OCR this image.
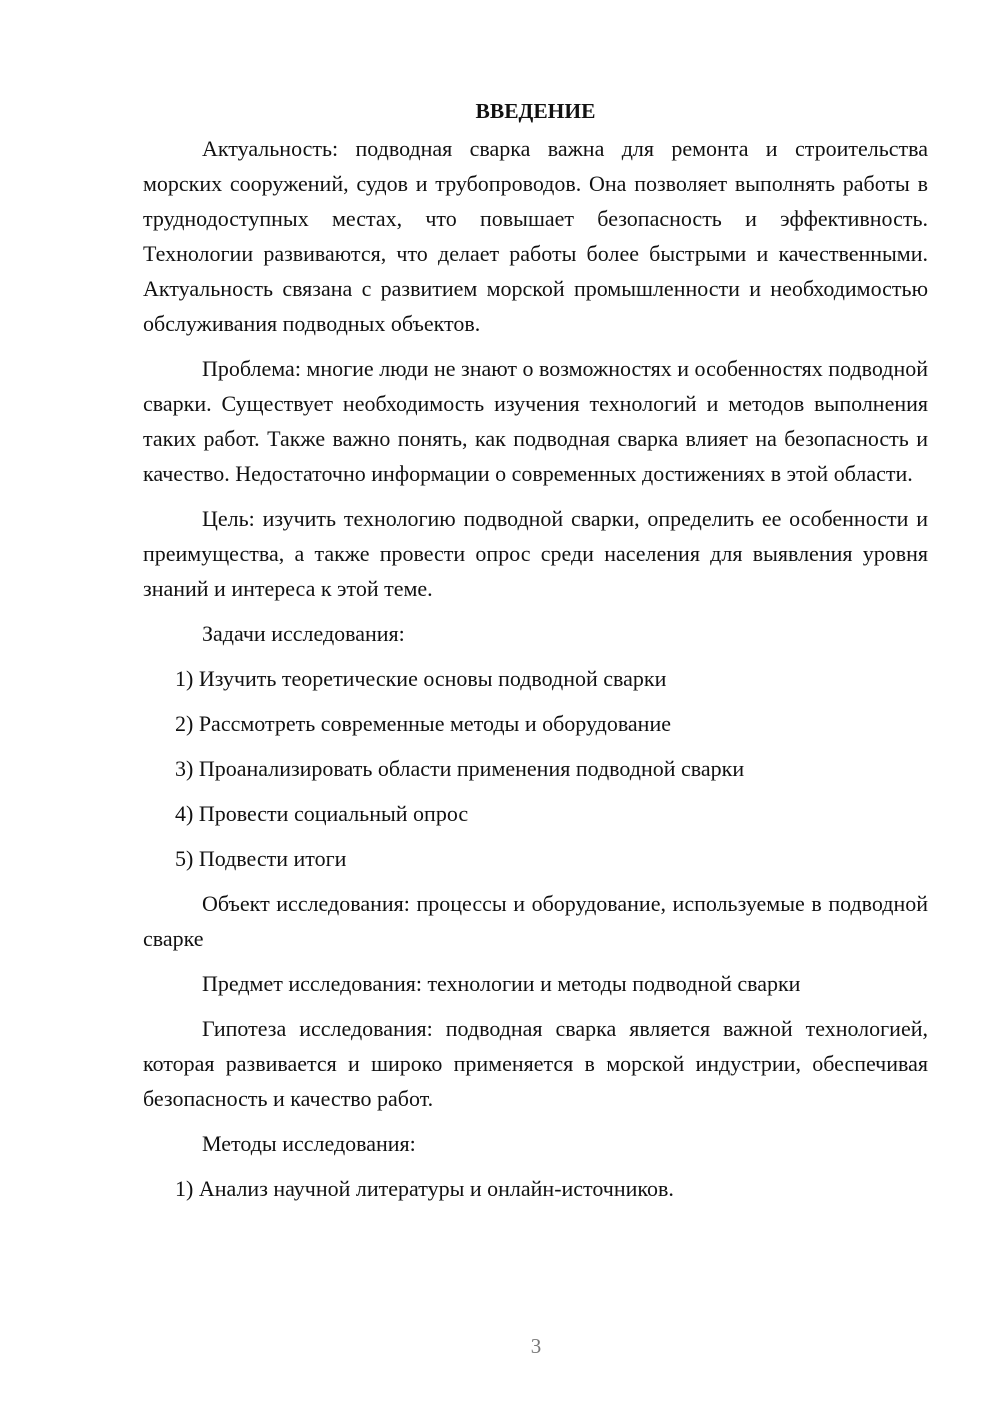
ВВЕДЕНИЕ

Актуальность: подводная сварка важна для ремонта и строительства морских сооружений, судов и трубопроводов. Она позволяет выполнять работы в труднодоступных местах, что повышает безопасность и эффективность. Технологии развиваются, что делает работы более быстрыми и качественными. Актуальность связана с развитием морской промышленности и необходимостью обслуживания подводных объектов.

Проблема: многие люди не знают о возможностях и особенностях подводной сварки. Существует необходимость изучения технологий и методов выполнения таких работ. Также важно понять, как подводная сварка влияет на безопасность и качество. Недостаточно информации о современных достижениях в этой области.

Цель: изучить технологию подводной сварки, определить ее особенности и преимущества, а также провести опрос среди населения для выявления уровня знаний и интереса к этой теме.

Задачи исследования:

1) Изучить теоретические основы подводной сварки
2) Рассмотреть современные методы и оборудование
3) Проанализировать области применения подводной сварки
4) Провести социальный опрос
5) Подвести итоги

Объект исследования: процессы и оборудование, используемые в подводной сварке

Предмет исследования: технологии и методы подводной сварки

Гипотеза исследования: подводная сварка является важной технологией, которая развивается и широко применяется в морской индустрии, обеспечивая безопасность и качество работ.

Методы исследования:

1) Анализ научной литературы и онлайн-источников.
3
